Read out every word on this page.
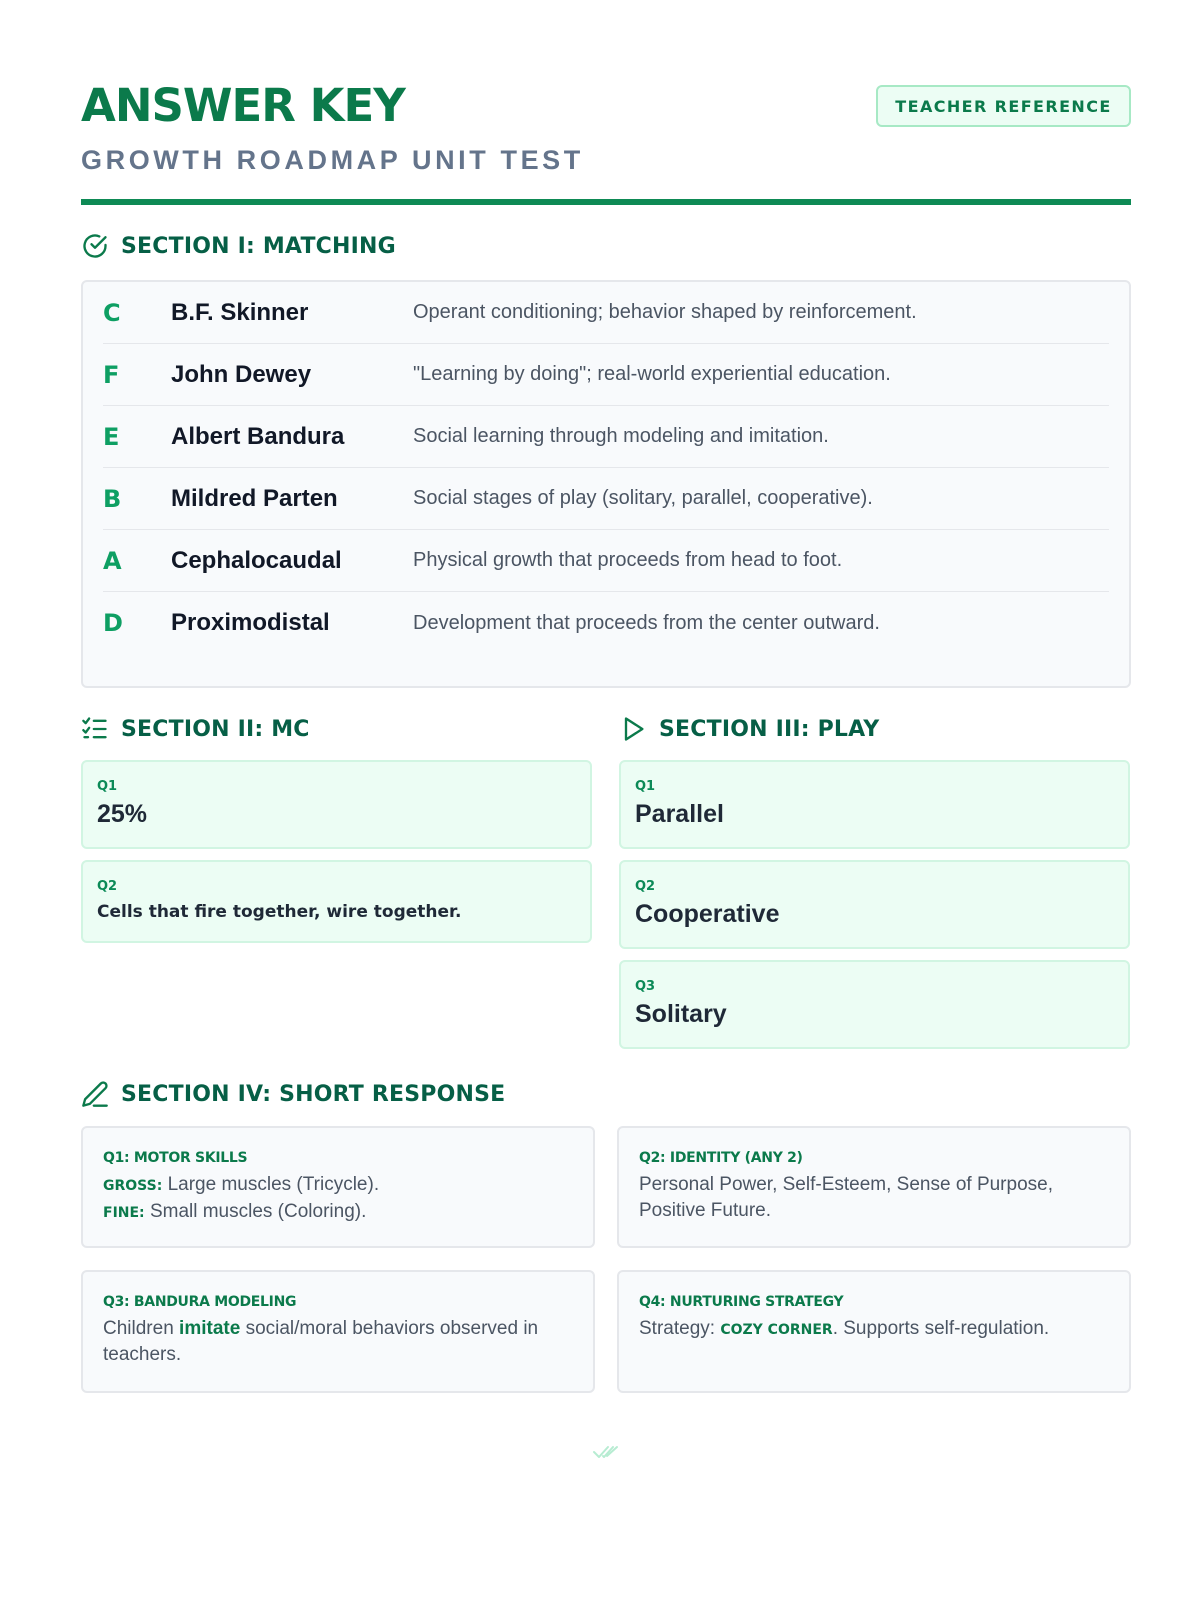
ANSWER KEY
GROWTH ROADMAP UNIT TEST
TEACHER REFERENCE
SECTION I: MATCHING
C	B.F. Skinner	Operant conditioning; behavior shaped by reinforcement.
F	John Dewey	"Learning by doing"; real-world experiential education.
E	Albert Bandura	Social learning through modeling and imitation.
B	Mildred Parten	Social stages of play (solitary, parallel, cooperative).
A	Cephalocaudal	Physical growth that proceeds from head to foot.
D	Proximodistal	Development that proceeds from the center outward.
SECTION II: MC
Q1
25%
Q2
Cells that fire together, wire together.
SECTION III: PLAY
Q1
Parallel
Q2
Cooperative
Q3
Solitary
SECTION IV: SHORT RESPONSE
Q1: MOTOR SKILLS
GROSS: Large muscles (Tricycle).
FINE: Small muscles (Coloring).
Q2: IDENTITY (ANY 2)
Personal Power, Self-Esteem, Sense of Purpose, Positive Future.
Q3: BANDURA MODELING
Children imitate social/moral behaviors observed in teachers.
Q4: NURTURING STRATEGY
Strategy: COZY CORNER. Supports self-regulation.
